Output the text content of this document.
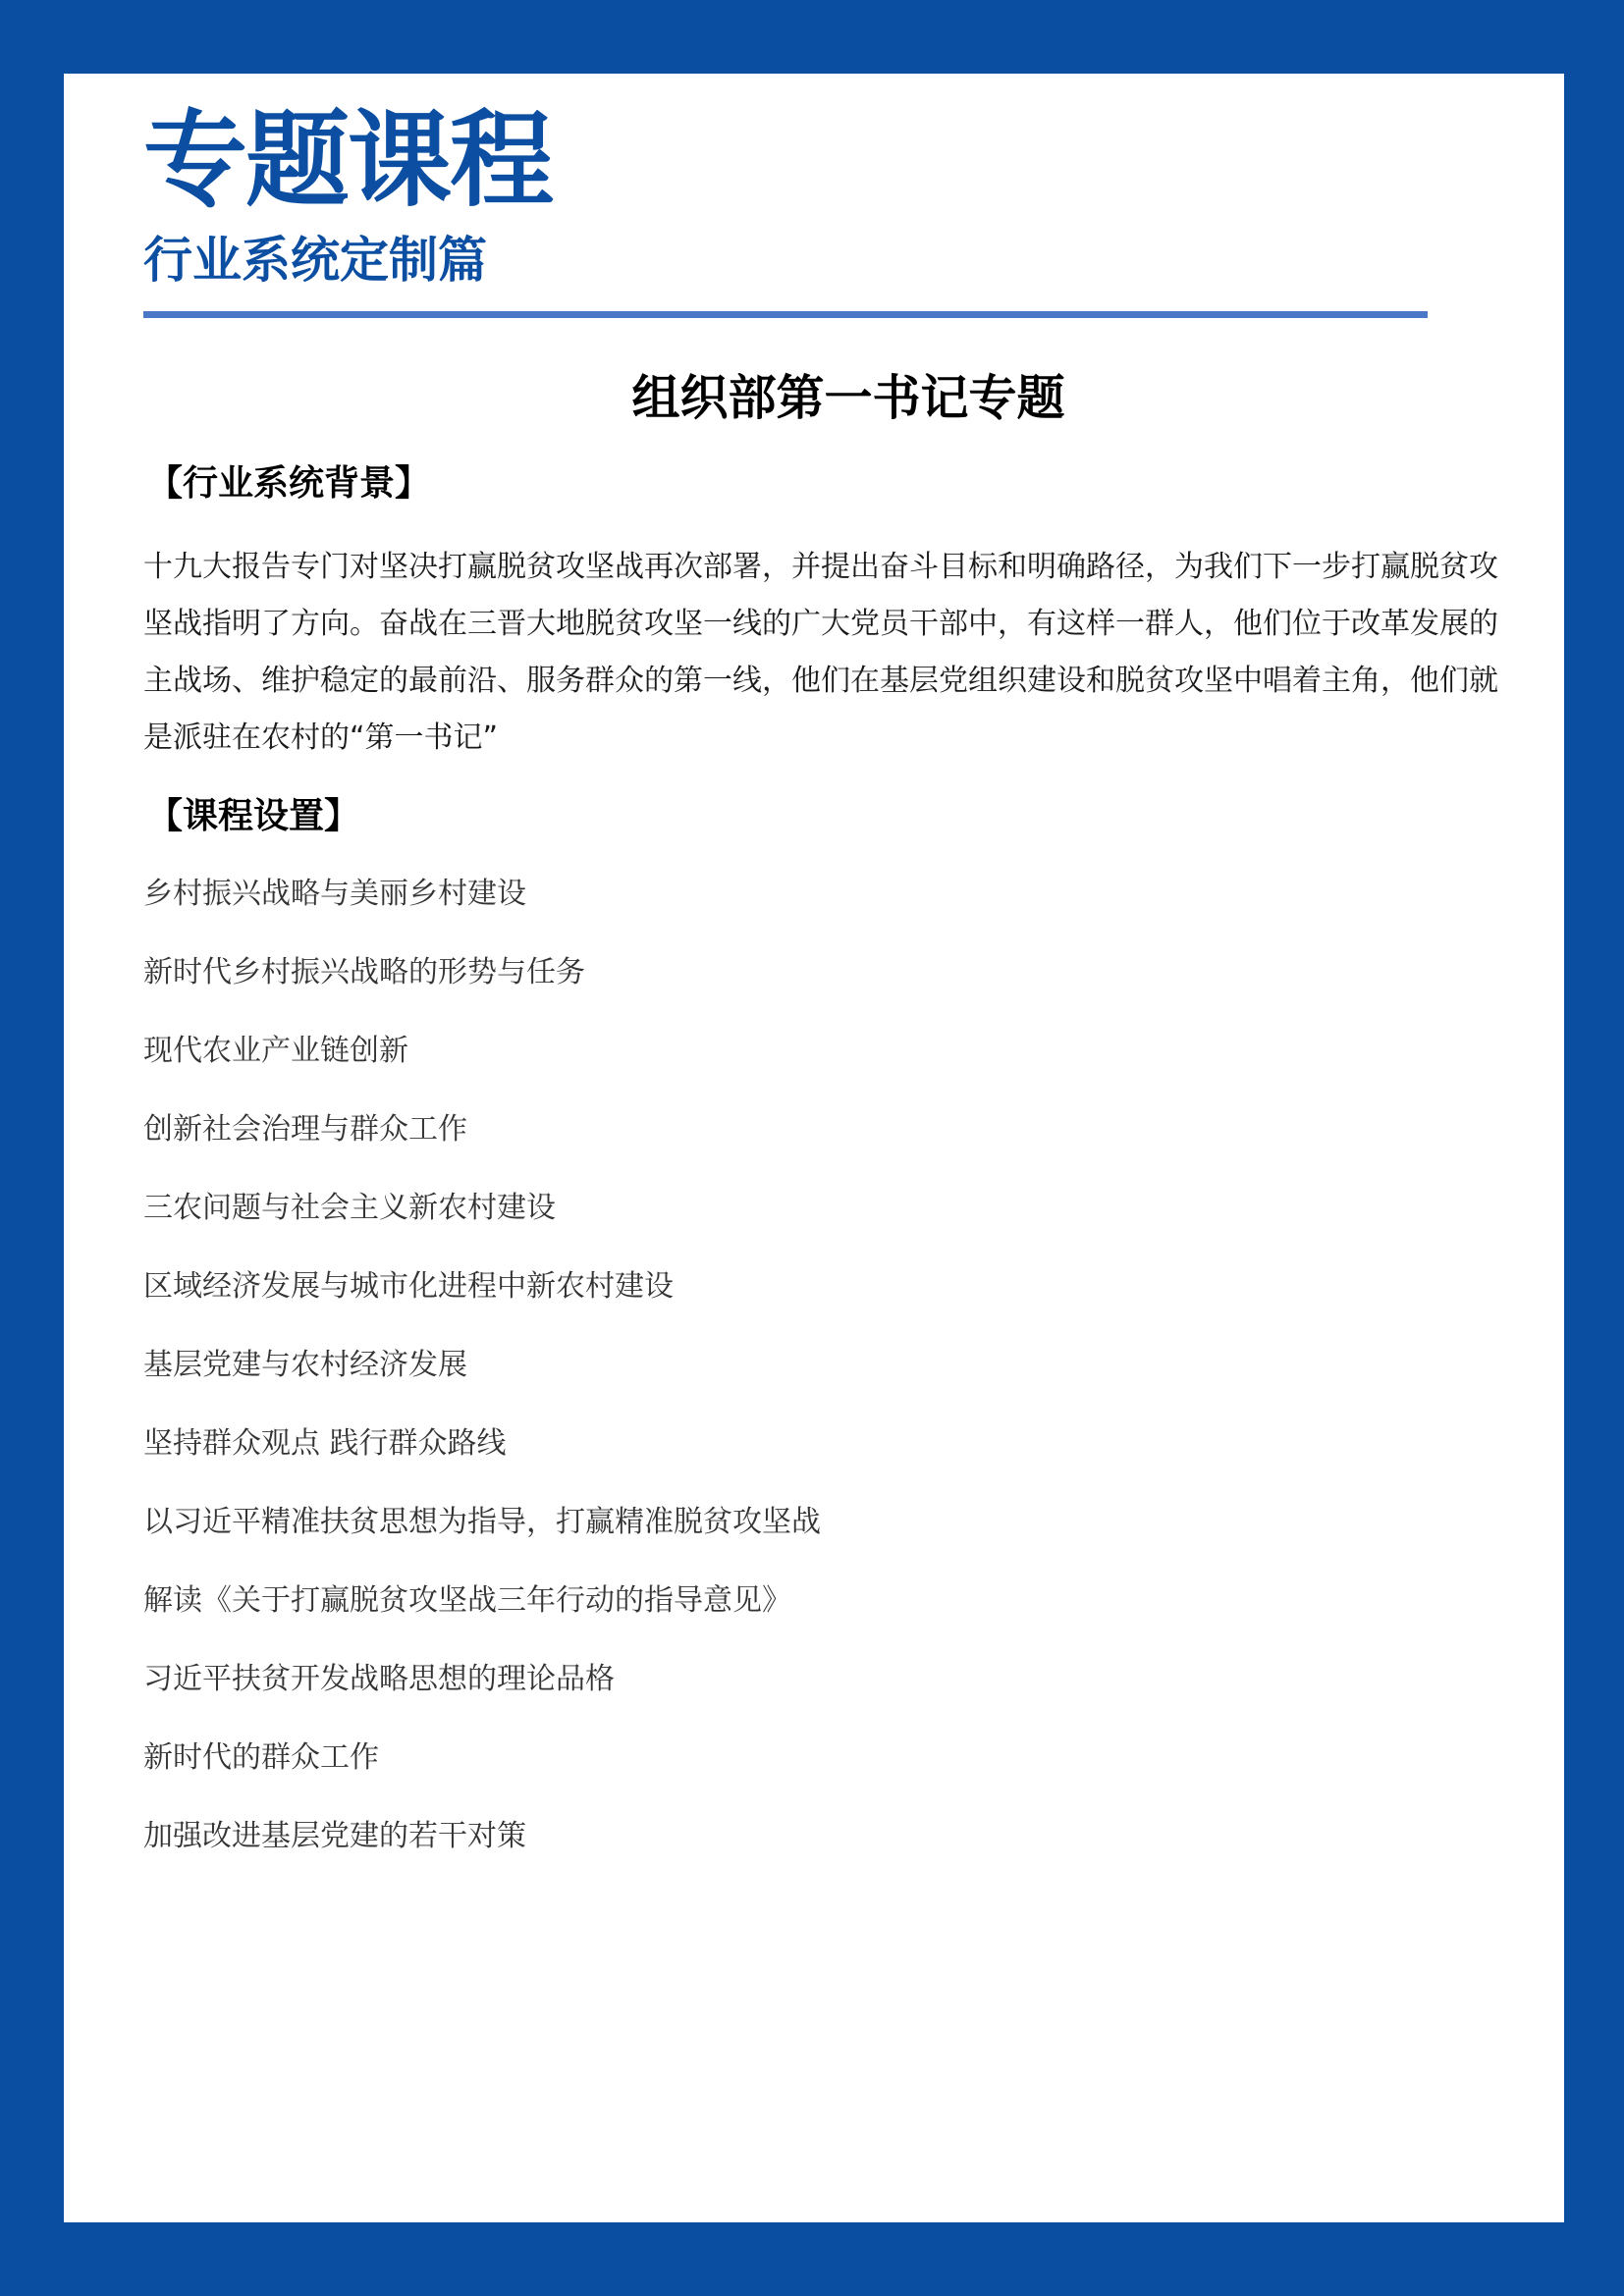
专题课程
行业系统定制篇
组织部第一书记专题
【行业系统背景】

十九大报告专门对坚决打赢脱贫攻坚战再次部署，并提出奋斗目标和明确路径，为我们下一步打赢脱贫攻坚战指明了方向。奋战在三晋大地脱贫攻坚一线的广大党员干部中，有这样一群人，他们位于改革发展的主战场、维护稳定的最前沿、服务群众的第一线，他们在基层党组织建设和脱贫攻坚中唱着主角，他们就是派驻在农村的“第一书记”

【课程设置】
乡村振兴战略与美丽乡村建设
新时代乡村振兴战略的形势与任务
现代农业产业链创新
创新社会治理与群众工作
三农问题与社会主义新农村建设
区域经济发展与城市化进程中新农村建设
基层党建与农村经济发展
坚持群众观点 践行群众路线
以习近平精准扶贫思想为指导，打赢精准脱贫攻坚战
解读《关于打赢脱贫攻坚战三年行动的指导意见》
习近平扶贫开发战略思想的理论品格
新时代的群众工作
加强改进基层党建的若干对策
